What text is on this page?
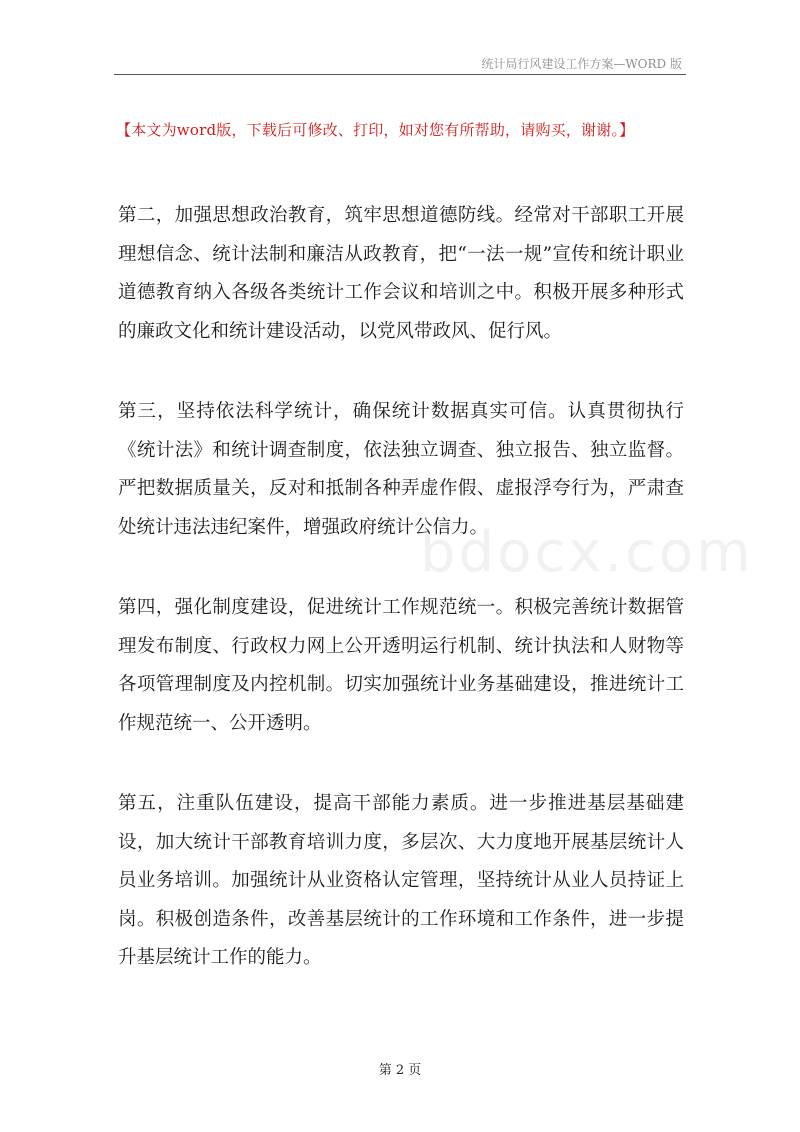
统计局行风建设工作方案—WORD 版
【本文为word版，下载后可修改、打印，如对您有所帮助，请购买，谢谢。】

第二，加强思想政治教育，筑牢思想道德防线。经常对干部职工开展理想信念、统计法制和廉洁从政教育，把“一法一规”宣传和统计职业道德教育纳入各级各类统计工作会议和培训之中。积极开展多种形式的廉政文化和统计建设活动，以党风带政风、促行风。

第三，坚持依法科学统计，确保统计数据真实可信。认真贯彻执行《统计法》和统计调查制度，依法独立调查、独立报告、独立监督。严把数据质量关，反对和抵制各种弄虚作假、虚报浮夸行为，严肃查处统计违法违纪案件，增强政府统计公信力。

第四，强化制度建设，促进统计工作规范统一。积极完善统计数据管理发布制度、行政权力网上公开透明运行机制、统计执法和人财物等各项管理制度及内控机制。切实加强统计业务基础建设，推进统计工作规范统一、公开透明。

第五，注重队伍建设，提高干部能力素质。进一步推进基层基础建设，加大统计干部教育培训力度，多层次、大力度地开展基层统计人员业务培训。加强统计从业资格认定管理，坚持统计从业人员持证上岗。积极创造条件，改善基层统计的工作环境和工作条件，进一步提升基层统计工作的能力。

bdocx.com
第 2 页
